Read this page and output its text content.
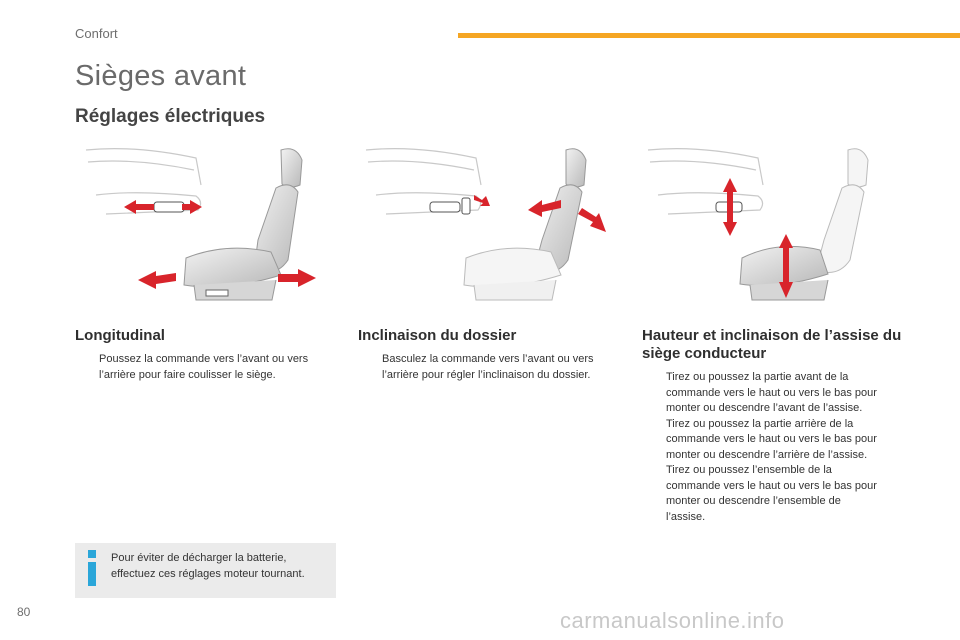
Confort
Sièges avant
Réglages électriques
Longitudinal
Poussez la commande vers l’avant ou vers l’arrière pour faire coulisser le siège.
Inclinaison du dossier
Basculez la commande vers l’avant ou vers l’arrière pour régler l’inclinaison du dossier.
Hauteur et inclinaison de l’assise du siège conducteur
Tirez ou poussez la partie avant de la commande vers le haut ou vers le bas pour monter ou descendre l’avant de l’assise.
Tirez ou poussez la partie arrière de la commande vers le haut ou vers le bas pour monter ou descendre l’arrière de l’assise.
Tirez ou poussez l’ensemble de la commande vers le haut ou vers le bas pour monter ou descendre l’ensemble de l’assise.
Pour éviter de décharger la batterie, effectuez ces réglages moteur tournant.
80	carmanualsonline.info
